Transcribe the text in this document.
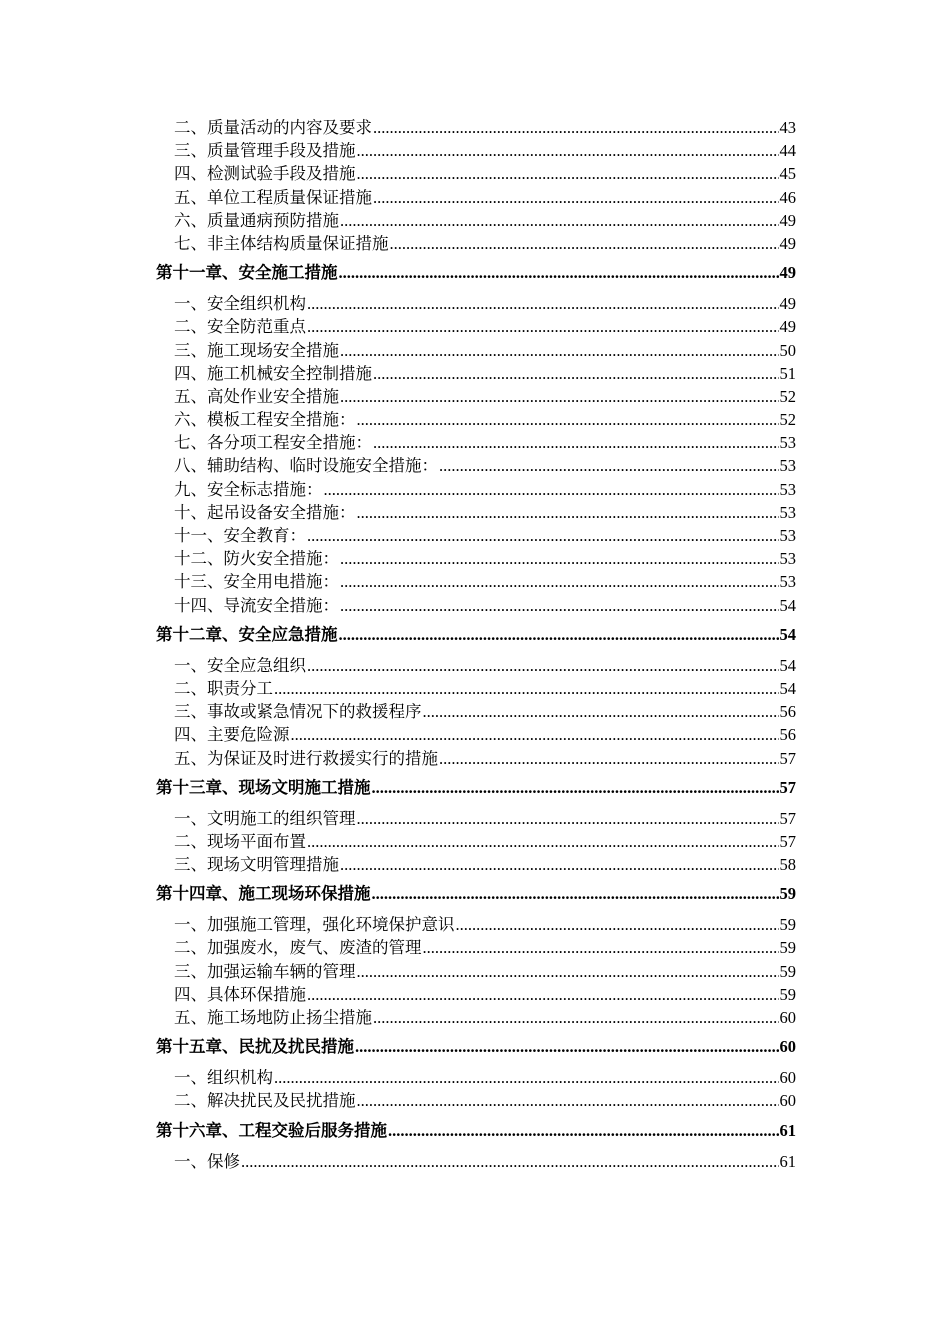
二、质量活动的内容及要求 .....	43
三、质量管理手段及措施 .....	44
四、检测试验手段及措施 .....	45
五、单位工程质量保证措施 .....	46
六、质量通病预防措施 .....	49
七、非主体结构质量保证措施 .....	49
第十一章、安全施工措施 .....	49
一、安全组织机构 .....	49
二、安全防范重点 .....	49
三、施工现场安全措施 .....	50
四、施工机械安全控制措施 .....	51
五、高处作业安全措施 .....	52
六、模板工程安全措施： .....	52
七、各分项工程安全措施： .....	53
八、辅助结构、临时设施安全措施： .....	53
九、安全标志措施： .....	53
十、起吊设备安全措施： .....	53
十一、安全教育： .....	53
十二、防火安全措施： .....	53
十三、安全用电措施： .....	53
十四、导流安全措施： .....	54
第十二章、安全应急措施 .....	54
一、安全应急组织 .....	54
二、职责分工 .....	54
三、事故或紧急情况下的救援程序 .....	56
四、主要危险源 .....	56
五、为保证及时进行救援实行的措施 .....	57
第十三章、现场文明施工措施 .....	57
一、文明施工的组织管理 .....	57
二、现场平面布置 .....	57
三、现场文明管理措施 .....	58
第十四章、施工现场环保措施 .....	59
一、加强施工管理，强化环境保护意识 .....	59
二、加强废水，废气、废渣的管理 .....	59
三、加强运输车辆的管理 .....	59
四、具体环保措施 .....	59
五、施工场地防止扬尘措施 .....	60
第十五章、民扰及扰民措施 .....	60
一、组织机构 .....	60
二、解决扰民及民扰措施 .....	60
第十六章、工程交验后服务措施 .....	61
一、保修 .....	61
